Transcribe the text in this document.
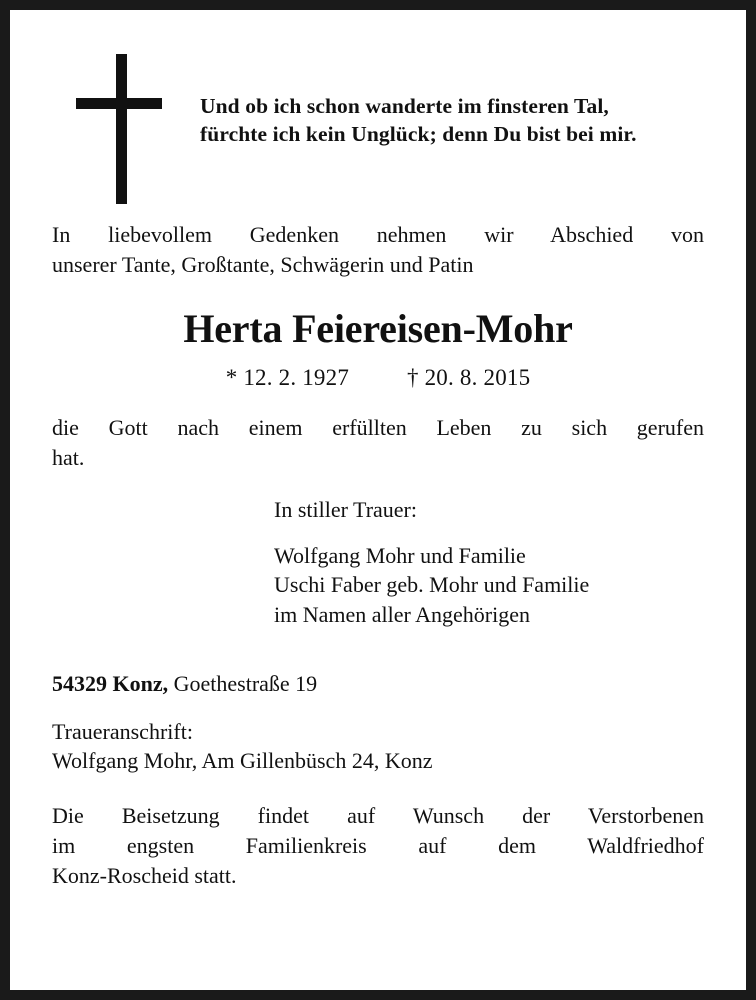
Und ob ich schon wanderte im finsteren Tal,
fürchte ich kein Unglück; denn Du bist bei mir.
In liebevollem Gedenken nehmen wir Abschied von
unserer Tante, Großtante, Schwägerin und Patin
Herta Feiereisen-Mohr
* 12. 2. 1927	† 20. 8. 2015
die Gott nach einem erfüllten Leben zu sich gerufen
hat.
In stiller Trauer:
Wolfgang Mohr und Familie
Uschi Faber geb. Mohr und Familie
im Namen aller Angehörigen
54329 Konz, Goethestraße 19
Traueranschrift:
Wolfgang Mohr, Am Gillenbüsch 24, Konz
Die Beisetzung findet auf Wunsch der Verstorbenen
im engsten Familienkreis auf dem Waldfriedhof
Konz-Roscheid statt.
